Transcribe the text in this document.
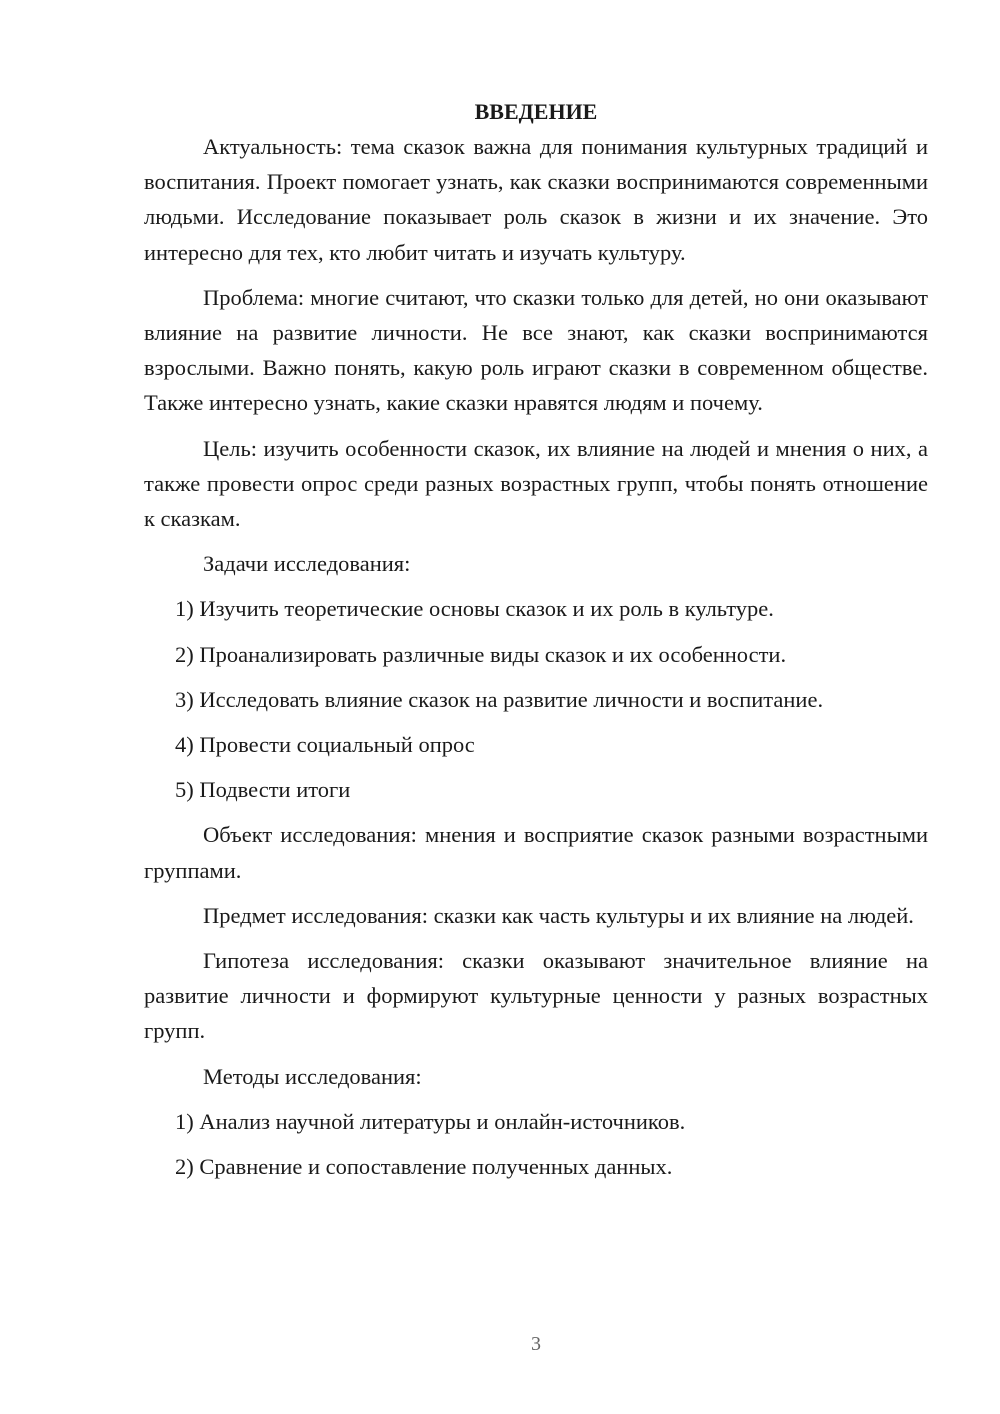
ВВЕДЕНИЕ

Актуальность: тема сказок важна для понимания культурных традиций и воспитания. Проект помогает узнать, как сказки воспринимаются современными людьми. Исследование показывает роль сказок в жизни и их значение. Это интересно для тех, кто любит читать и изучать культуру.

Проблема: многие считают, что сказки только для детей, но они оказывают влияние на развитие личности. Не все знают, как сказки воспринимаются взрослыми. Важно понять, какую роль играют сказки в современном обществе. Также интересно узнать, какие сказки нравятся людям и почему.

Цель: изучить особенности сказок, их влияние на людей и мнения о них, а также провести опрос среди разных возрастных групп, чтобы понять отношение к сказкам.

Задачи исследования:

1) Изучить теоретические основы сказок и их роль в культуре.

2) Проанализировать различные виды сказок и их особенности.

3) Исследовать влияние сказок на развитие личности и воспитание.

4) Провести социальный опрос

5) Подвести итоги

Объект исследования: мнения и восприятие сказок разными возрастными группами.

Предмет исследования: сказки как часть культуры и их влияние на людей.

Гипотеза исследования: сказки оказывают значительное влияние на развитие личности и формируют культурные ценности у разных возрастных групп.

Методы исследования:

1) Анализ научной литературы и онлайн-источников.

2) Сравнение и сопоставление полученных данных.

3
